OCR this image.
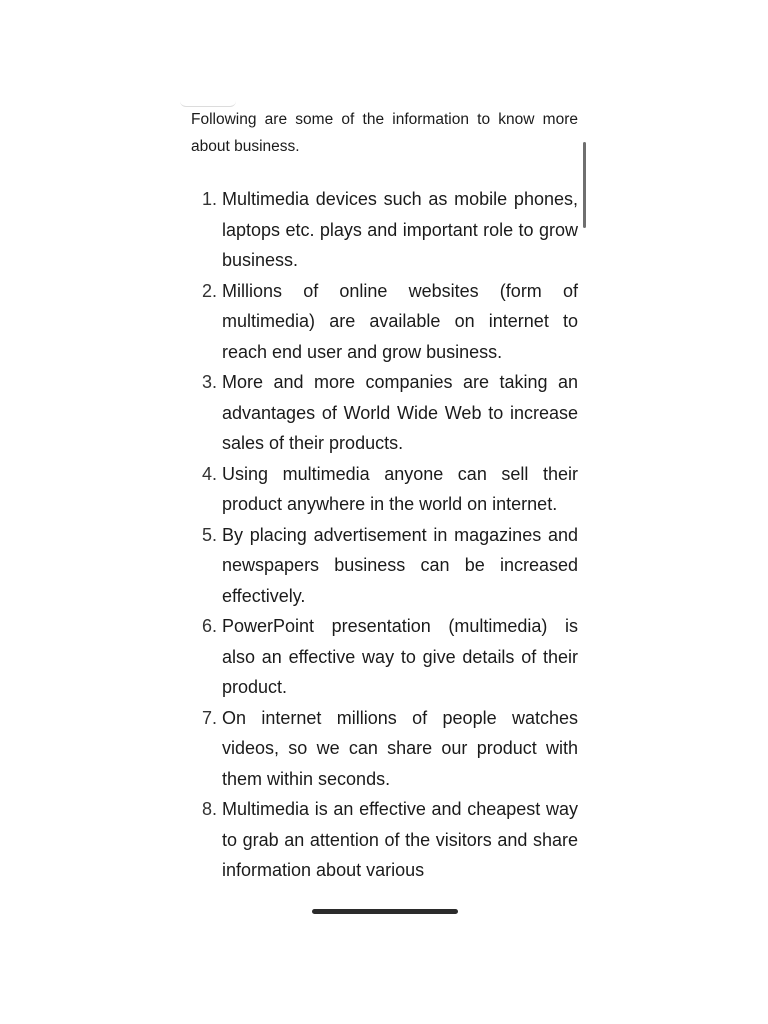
Following are some of the information to know more about business.

1. Multimedia devices such as mobile phones, laptops etc. plays and important role to grow business.
2. Millions of online websites (form of multimedia) are available on internet to reach end user and grow business.
3. More and more companies are taking an advantages of World Wide Web to increase sales of their products.
4. Using multimedia anyone can sell their product anywhere in the world on internet.
5. By placing advertisement in magazines and newspapers business can be increased effectively.
6. PowerPoint presentation (multimedia) is also an effective way to give details of their product.
7. On internet millions of people watches videos, so we can share our product with them within seconds.
8. Multimedia is an effective and cheapest way to grab an attention of the visitors and share information about various
